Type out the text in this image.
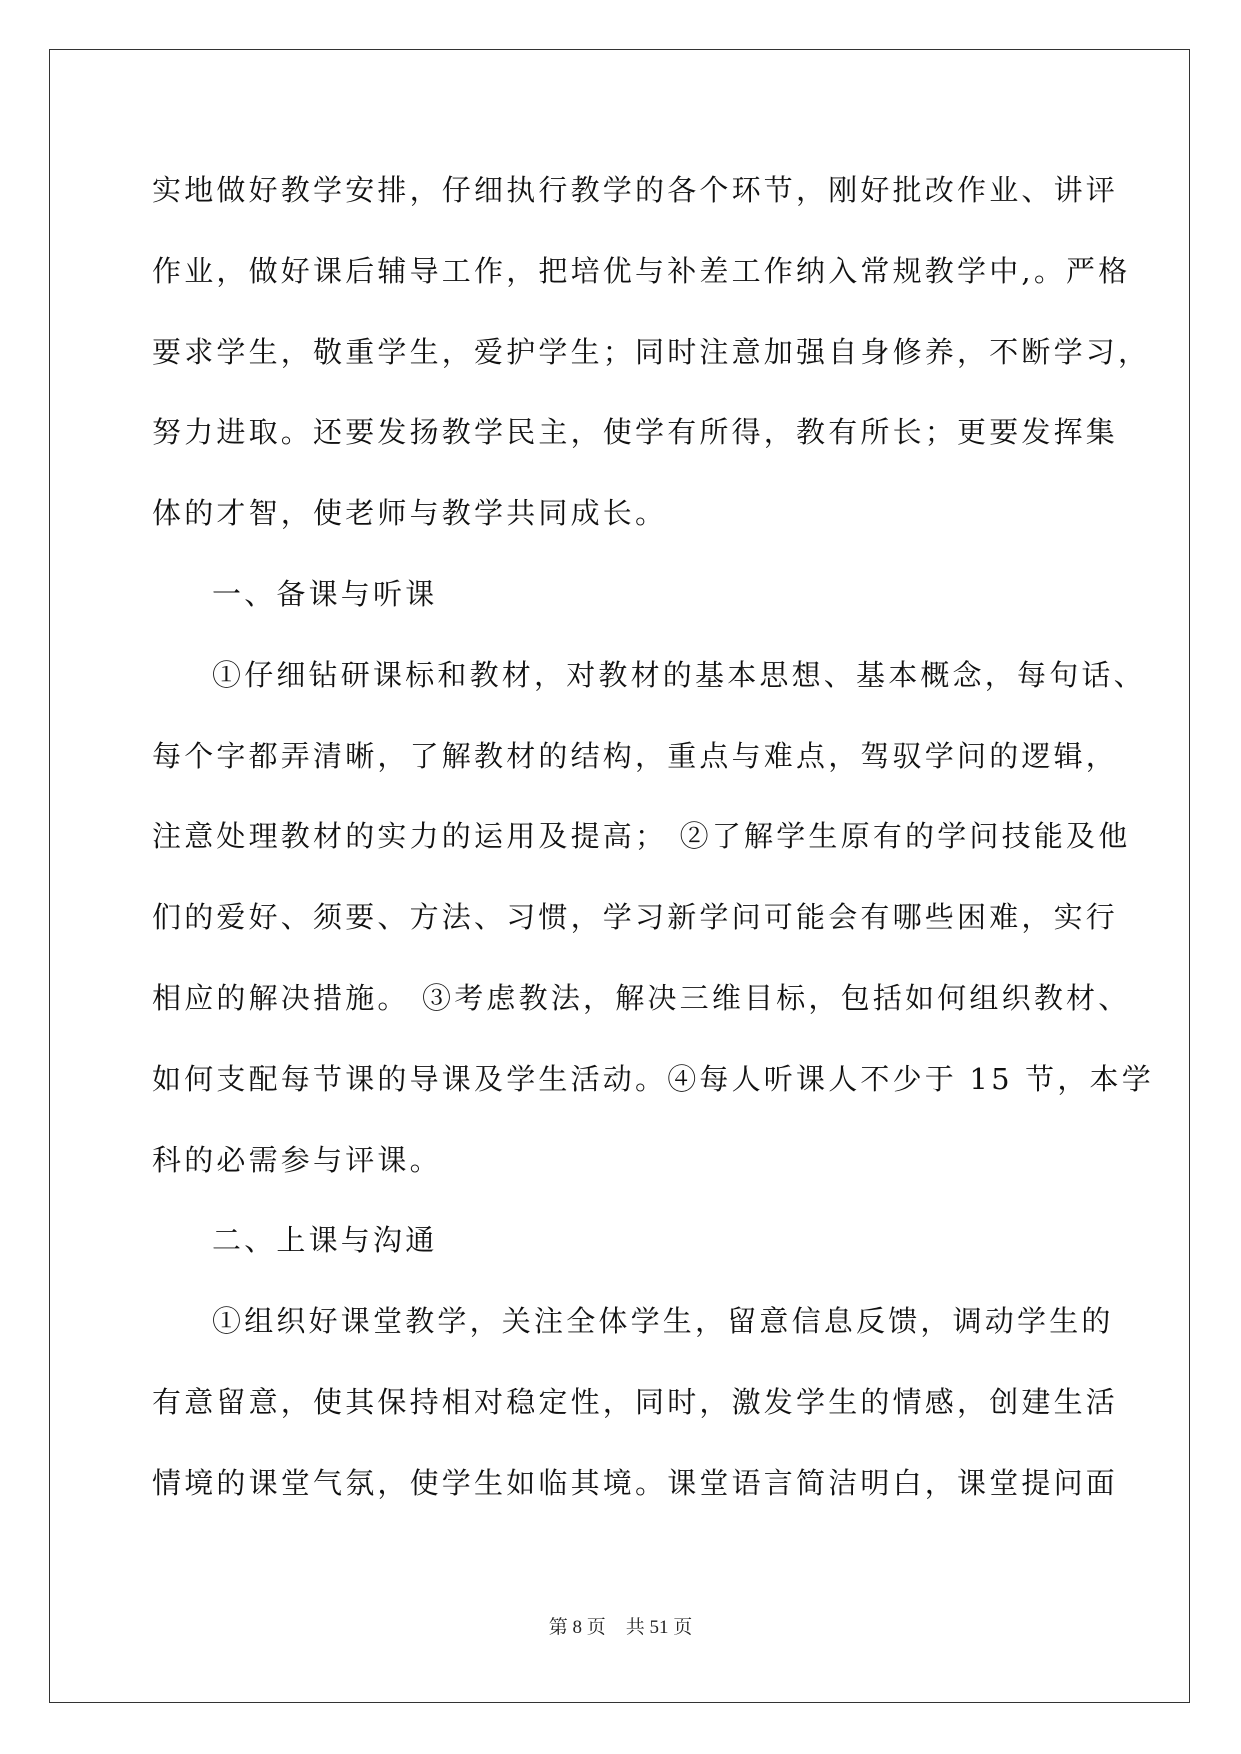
实地做好教学安排，仔细执行教学的各个环节，刚好批改作业、讲评
作业，做好课后辅导工作，把培优与补差工作纳入常规教学中,。严格
要求学生，敬重学生，爱护学生；同时注意加强自身修养，不断学习，
努力进取。还要发扬教学民主，使学有所得，教有所长；更要发挥集
体的才智，使老师与教学共同成长。
一、备课与听课
①仔细钻研课标和教材，对教材的基本思想、基本概念，每句话、
每个字都弄清晰，了解教材的结构，重点与难点，驾驭学问的逻辑，
注意处理教材的实力的运用及提高； ②了解学生原有的学问技能及他
们的爱好、须要、方法、习惯，学习新学问可能会有哪些困难，实行
相应的解决措施。 ③考虑教法，解决三维目标，包括如何组织教材、
如何支配每节课的导课及学生活动。④每人听课人不少于 15 节，本学
科的必需参与评课。
二、上课与沟通
①组织好课堂教学，关注全体学生，留意信息反馈，调动学生的
有意留意，使其保持相对稳定性，同时，激发学生的情感，创建生活
情境的课堂气氛，使学生如临其境。课堂语言简洁明白，课堂提问面
第 8 页 共 51 页
